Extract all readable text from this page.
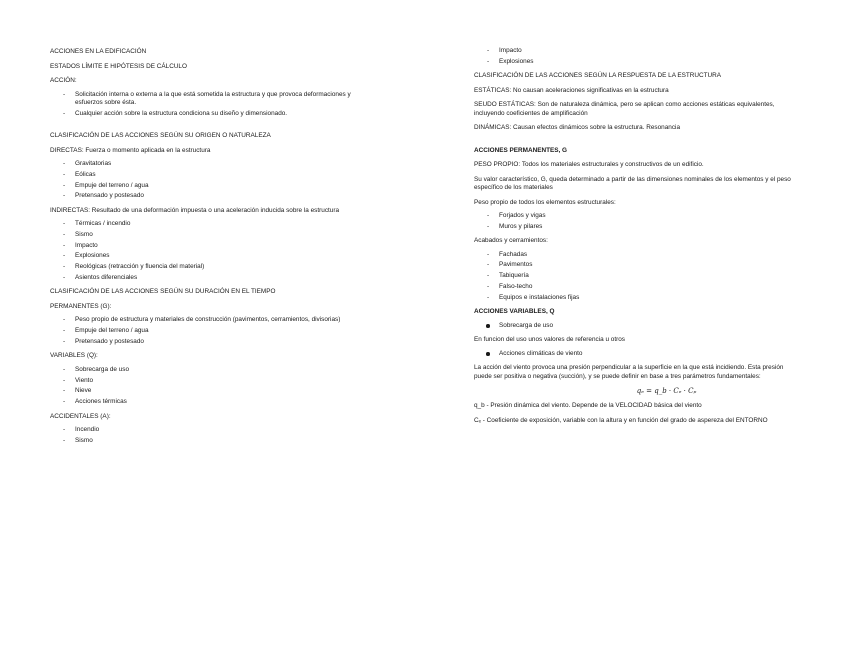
ACCIONES EN LA EDIFICACIÓN

ESTADOS LÍMITE E HIPÓTESIS DE CÁLCULO

ACCIÓN:

- Solicitación interna o externa a la que está sometida la estructura y que provoca deformaciones y esfuerzos sobre ésta.
- Cualquier acción sobre la estructura condiciona su diseño y dimensionado.

CLASIFICACIÓN DE LAS ACCIONES SEGÚN SU ORIGEN O NATURALEZA

DIRECTAS: Fuerza o momento aplicada en la estructura

- Gravitatorias
- Eólicas
- Empuje del terreno / agua
- Pretensado y postesado

INDIRECTAS: Resultado de una deformación impuesta o una aceleración inducida sobre la estructura

- Térmicas / incendio
- Sismo
- Impacto
- Explosiones
- Reológicas (retracción y fluencia del material)
- Asientos diferenciales

CLASIFICACIÓN DE LAS ACCIONES SEGÚN SU DURACIÓN EN EL TIEMPO

PERMANENTES (G):

- Peso propio de estructura y materiales de construcción (pavimentos, cerramientos, divisorias)
- Empuje del terreno / agua
- Pretensado y postesado

VARIABLES (Q):

- Sobrecarga de uso
- Viento
- Nieve
- Acciones térmicas

ACCIDENTALES (A):

- Incendio
- Sismo
- Impacto
- Explosiones

CLASIFICACIÓN DE LAS ACCIONES SEGÚN LA RESPUESTA DE LA ESTRUCTURA

ESTÁTICAS: No causan aceleraciones significativas en la estructura

SEUDO ESTÁTICAS: Son de naturaleza dinámica, pero se aplican como acciones estáticas equivalentes, incluyendo coeficientes de amplificación

DINÁMICAS: Causan efectos dinámicos sobre la estructura. Resonancia

ACCIONES PERMANENTES, G

PESO PROPIO: Todos los materiales estructurales y constructivos de un edificio.

Su valor característico, G, queda determinado a partir de las dimensiones nominales de los elementos y el peso específico de los materiales

Peso propio de todos los elementos estructurales:

- Forjados y vigas
- Muros y pilares

Acabados y cerramientos:

- Fachadas
- Pavimentos
- Tabiquería
- Falso-techo
- Equipos e instalaciones fijas

ACCIONES VARIABLES, Q

Sobrecarga de uso

En funcion del uso unos valores de referencia u otros

Acciones climáticas de viento

La acción del viento provoca una presión perpendicular a la superficie en la que está incidiendo. Esta presión puede ser positiva o negativa (succión), y se puede definir en base a tres parámetros fundamentales:

qₑ = q_b · Cₑ · Cₚ

q_b - Presión dinámica del viento. Depende de la VELOCIDAD básica del viento

Cₑ - Coeficiente de exposición, variable con la altura y en función del grado de aspereza del ENTORNO
